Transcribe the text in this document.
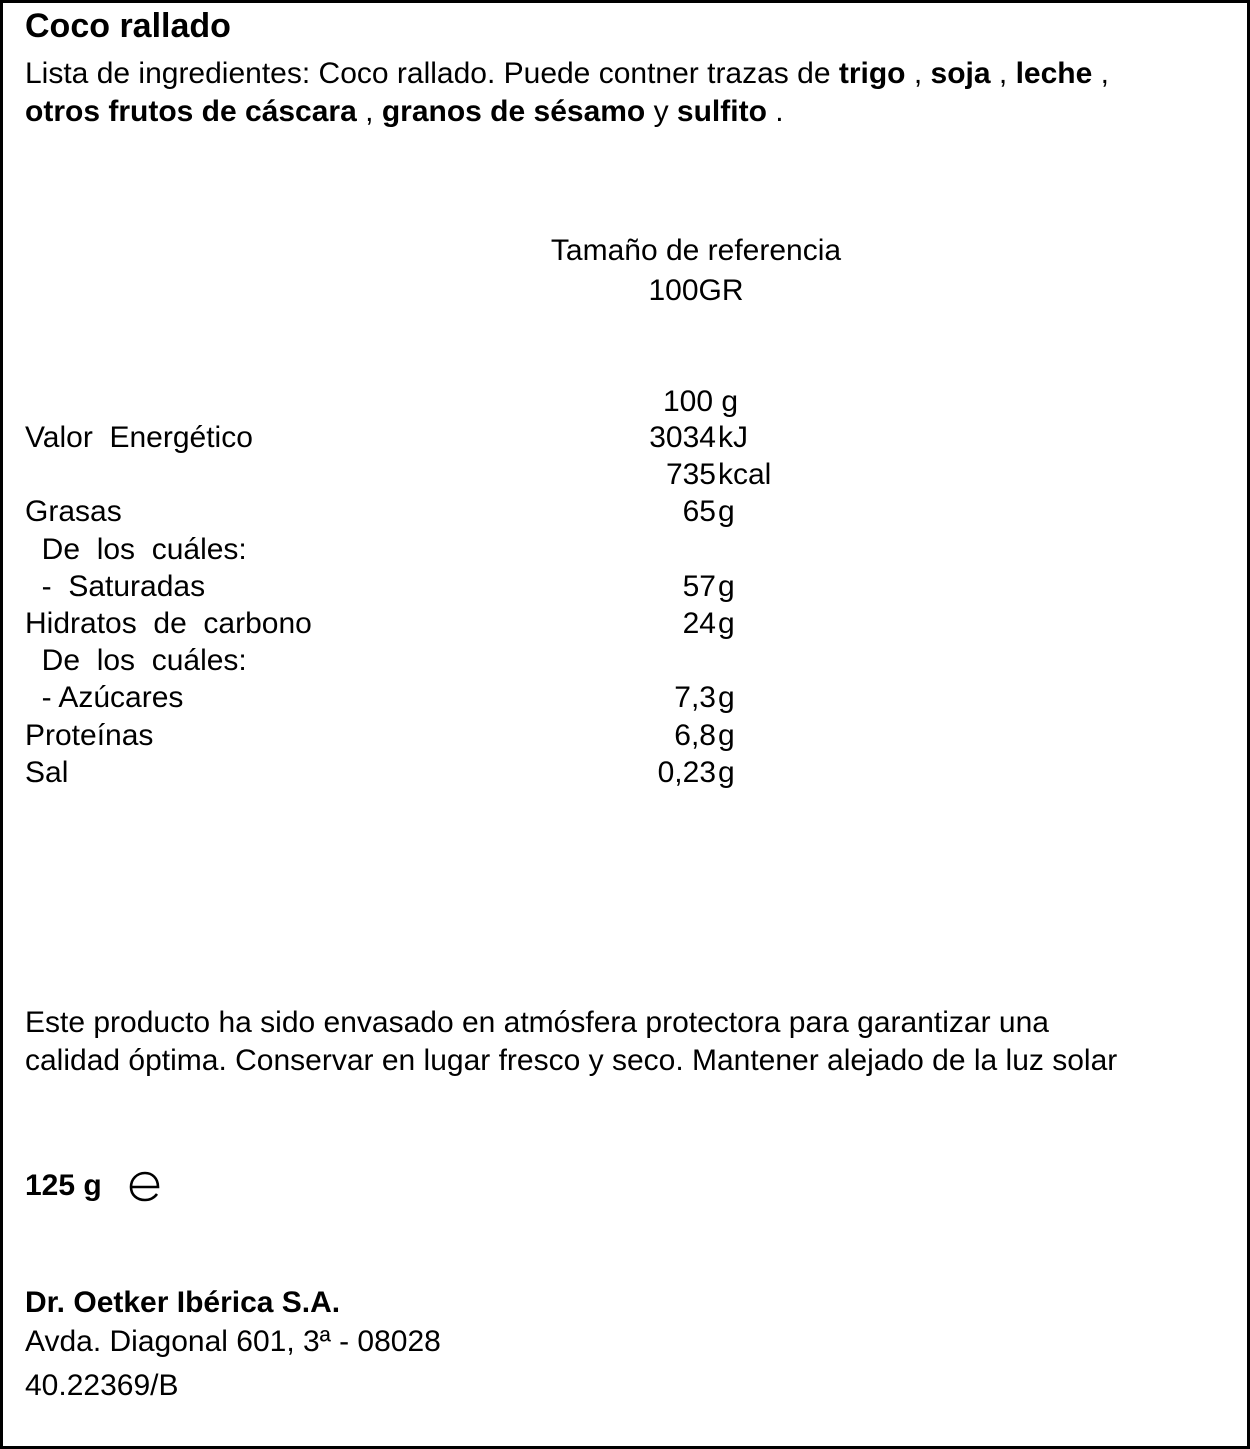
Coco rallado
Lista de ingredientes: Coco rallado. Puede contner trazas de trigo , soja , leche ,
otros frutos de cáscara , granos de sésamo y sulfito .
Tamaño de referencia
100GR
100 g
Valor  Energético	3034 kJ
735 kcal
Grasas	65 g
De  los  cuáles:
-  Saturadas	57 g
Hidratos  de  carbono	24 g
De  los  cuáles:
- Azúcares	7,3 g
Proteínas	6,8 g
Sal	0,23 g
Este producto ha sido envasado en atmósfera protectora para garantizar una
calidad óptima. Conservar en lugar fresco y seco. Mantener alejado de la luz solar
125 g
Dr. Oetker Ibérica S.A.
Avda. Diagonal 601, 3ª - 08028
40.22369/B
